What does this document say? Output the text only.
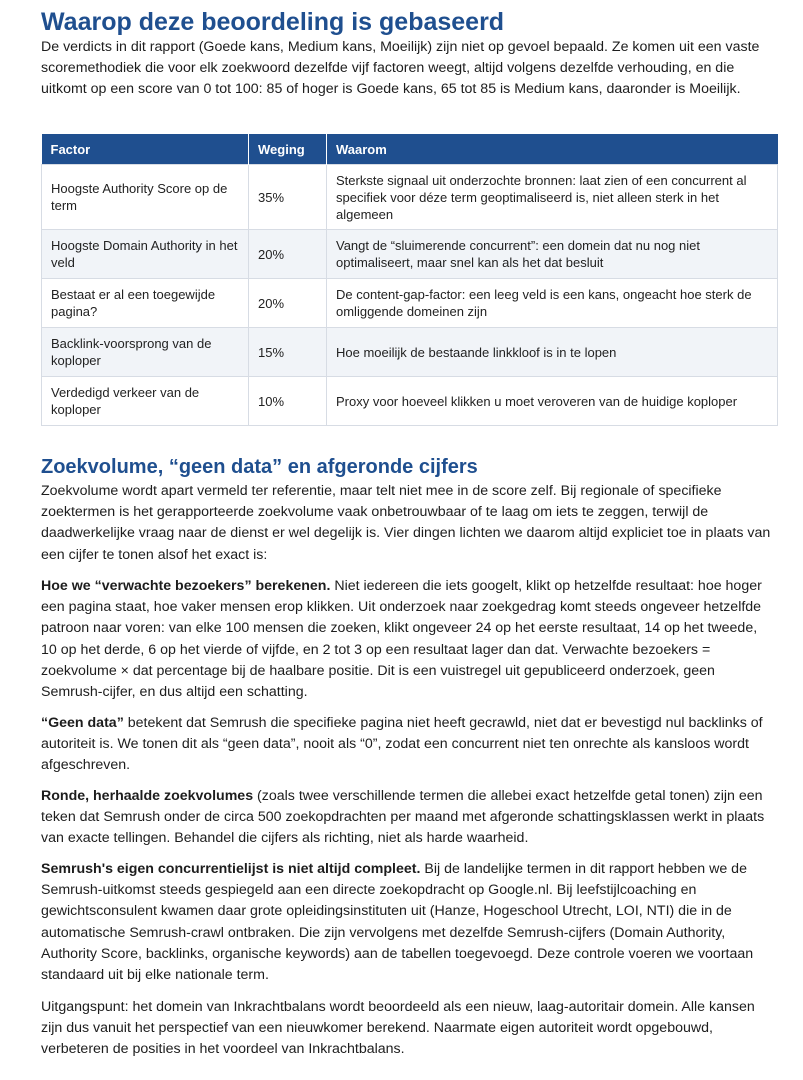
Waarop deze beoordeling is gebaseerd

De verdicts in dit rapport (Goede kans, Medium kans, Moeilijk) zijn niet op gevoel bepaald. Ze komen uit een vaste scoremethodiek die voor elk zoekwoord dezelfde vijf factoren weegt, altijd volgens dezelfde verhouding, en die uitkomt op een score van 0 tot 100: 85 of hoger is Goede kans, 65 tot 85 is Medium kans, daaronder is Moeilijk.

Factor	Weging	Waarom
Hoogste Authority Score op de term	35%	Sterkste signaal uit onderzochte bronnen: laat zien of een concurrent al specifiek voor déze term geoptimaliseerd is, niet alleen sterk in het algemeen
Hoogste Domain Authority in het veld	20%	Vangt de “sluimerende concurrent”: een domein dat nu nog niet optimaliseert, maar snel kan als het dat besluit
Bestaat er al een toegewijde pagina?	20%	De content-gap-factor: een leeg veld is een kans, ongeacht hoe sterk de omliggende domeinen zijn
Backlink-voorsprong van de koploper	15%	Hoe moeilijk de bestaande linkkloof is in te lopen
Verdedigd verkeer van de koploper	10%	Proxy voor hoeveel klikken u moet veroveren van de huidige koploper
Zoekvolume, “geen data” en afgeronde cijfers

Zoekvolume wordt apart vermeld ter referentie, maar telt niet mee in de score zelf. Bij regionale of specifieke zoektermen is het gerapporteerde zoekvolume vaak onbetrouwbaar of te laag om iets te zeggen, terwijl de daadwerkelijke vraag naar de dienst er wel degelijk is. Vier dingen lichten we daarom altijd expliciet toe in plaats van een cijfer te tonen alsof het exact is:

Hoe we “verwachte bezoekers” berekenen. Niet iedereen die iets googelt, klikt op hetzelfde resultaat: hoe hoger een pagina staat, hoe vaker mensen erop klikken. Uit onderzoek naar zoekgedrag komt steeds ongeveer hetzelfde patroon naar voren: van elke 100 mensen die zoeken, klikt ongeveer 24 op het eerste resultaat, 14 op het tweede, 10 op het derde, 6 op het vierde of vijfde, en 2 tot 3 op een resultaat lager dan dat. Verwachte bezoekers = zoekvolume × dat percentage bij de haalbare positie. Dit is een vuistregel uit gepubliceerd onderzoek, geen Semrush-cijfer, en dus altijd een schatting.

“Geen data” betekent dat Semrush die specifieke pagina niet heeft gecrawld, niet dat er bevestigd nul backlinks of autoriteit is. We tonen dit als “geen data”, nooit als “0”, zodat een concurrent niet ten onrechte als kansloos wordt afgeschreven.

Ronde, herhaalde zoekvolumes (zoals twee verschillende termen die allebei exact hetzelfde getal tonen) zijn een teken dat Semrush onder de circa 500 zoekopdrachten per maand met afgeronde schattingsklassen werkt in plaats van exacte tellingen. Behandel die cijfers als richting, niet als harde waarheid.

Semrush's eigen concurrentielijst is niet altijd compleet. Bij de landelijke termen in dit rapport hebben we de Semrush-uitkomst steeds gespiegeld aan een directe zoekopdracht op Google.nl. Bij leefstijlcoaching en gewichtsconsulent kwamen daar grote opleidingsinstituten uit (Hanze, Hogeschool Utrecht, LOI, NTI) die in de automatische Semrush-crawl ontbraken. Die zijn vervolgens met dezelfde Semrush-cijfers (Domain Authority, Authority Score, backlinks, organische keywords) aan de tabellen toegevoegd. Deze controle voeren we voortaan standaard uit bij elke nationale term.

Uitgangspunt: het domein van Inkrachtbalans wordt beoordeeld als een nieuw, laag-autoritair domein. Alle kansen zijn dus vanuit het perspectief van een nieuwkomer berekend. Naarmate eigen autoriteit wordt opgebouwd, verbeteren de posities in het voordeel van Inkrachtbalans.
